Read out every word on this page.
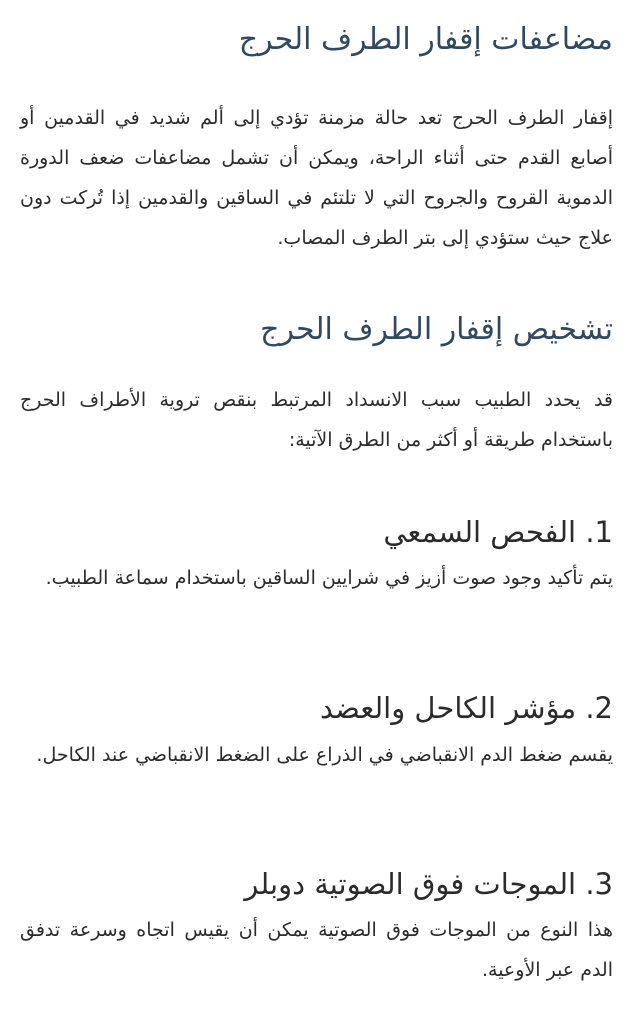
مضاعفات إقفار الطرف الحرج

إقفار الطرف الحرج تعد حالة مزمنة تؤدي إلى ألم شديد في القدمين أو أصابع القدم حتى أثناء الراحة، ويمكن أن تشمل مضاعفات ضعف الدورة الدموية القروح والجروح التي لا تلتئم في الساقين والقدمين إذا تُركت دون علاج حيث ستؤدي إلى بتر الطرف المصاب.

تشخيص إقفار الطرف الحرج

قد يحدد الطبيب سبب الانسداد المرتبط بنقص تروية الأطراف الحرج باستخدام طريقة أو أكثر من الطرق الآتية:

1. الفحص السمعي

يتم تأكيد وجود صوت أزيز في شرايين الساقين باستخدام سماعة الطبيب.

2. مؤشر الكاحل والعضد

يقسم ضغط الدم الانقباضي في الذراع على الضغط الانقباضي عند الكاحل.

3. الموجات فوق الصوتية دوبلر

هذا النوع من الموجات فوق الصوتية يمكن أن يقيس اتجاه وسرعة تدفق الدم عبر الأوعية.
